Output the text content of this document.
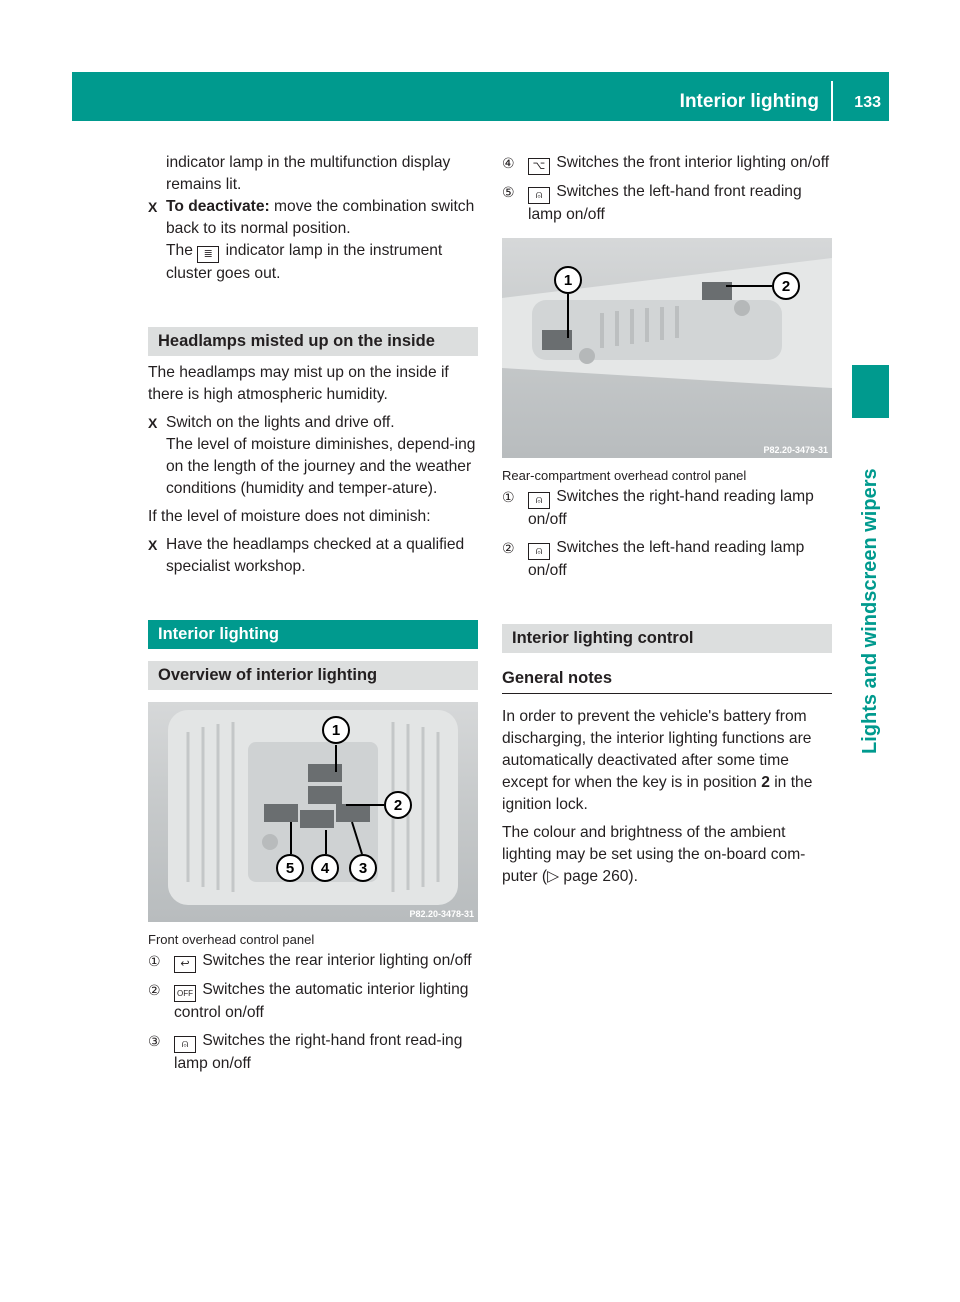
Interior lighting 133
Lights and windscreen wipers

indicator lamp in the multifunction display

remains lit.

X To deactivate: move the combination switch back to its normal position.

The ≣ indicator lamp in the instrument cluster goes out.

Headlamps misted up on the inside

The headlamps may mist up on the inside if there is high atmospheric humidity.

X Switch on the lights and drive off.

The level of moisture diminishes, depend-ing on the length of the journey and the weather conditions (humidity and temper-ature).

If the level of moisture does not diminish:

X Have the headlamps checked at a qualified specialist workshop.

Interior lighting
Overview of interior lighting
1
2
3
4
5
P82.20-3478-31

Front overhead control panel

① ↩ Switches the rear interior lighting on/off
② OFF Switches the automatic interior lighting control on/off
③ ⍝ Switches the right-hand front read-ing lamp on/off
④ ⌥ Switches the front interior lighting on/off
⑤ ⍝ Switches the left-hand front reading lamp on/off
1	2
P82.20-3479-31

Rear-compartment overhead control panel

① ⍝ Switches the right-hand reading lamp on/off
② ⍝ Switches the left-hand reading lamp on/off
Interior lighting control
General notes

In order to prevent the vehicle's battery from discharging, the interior lighting functions are automatically deactivated after some time except for when the key is in position 2 in the ignition lock.

The colour and brightness of the ambient lighting may be set using the on-board com-puter (▷ page 260).
